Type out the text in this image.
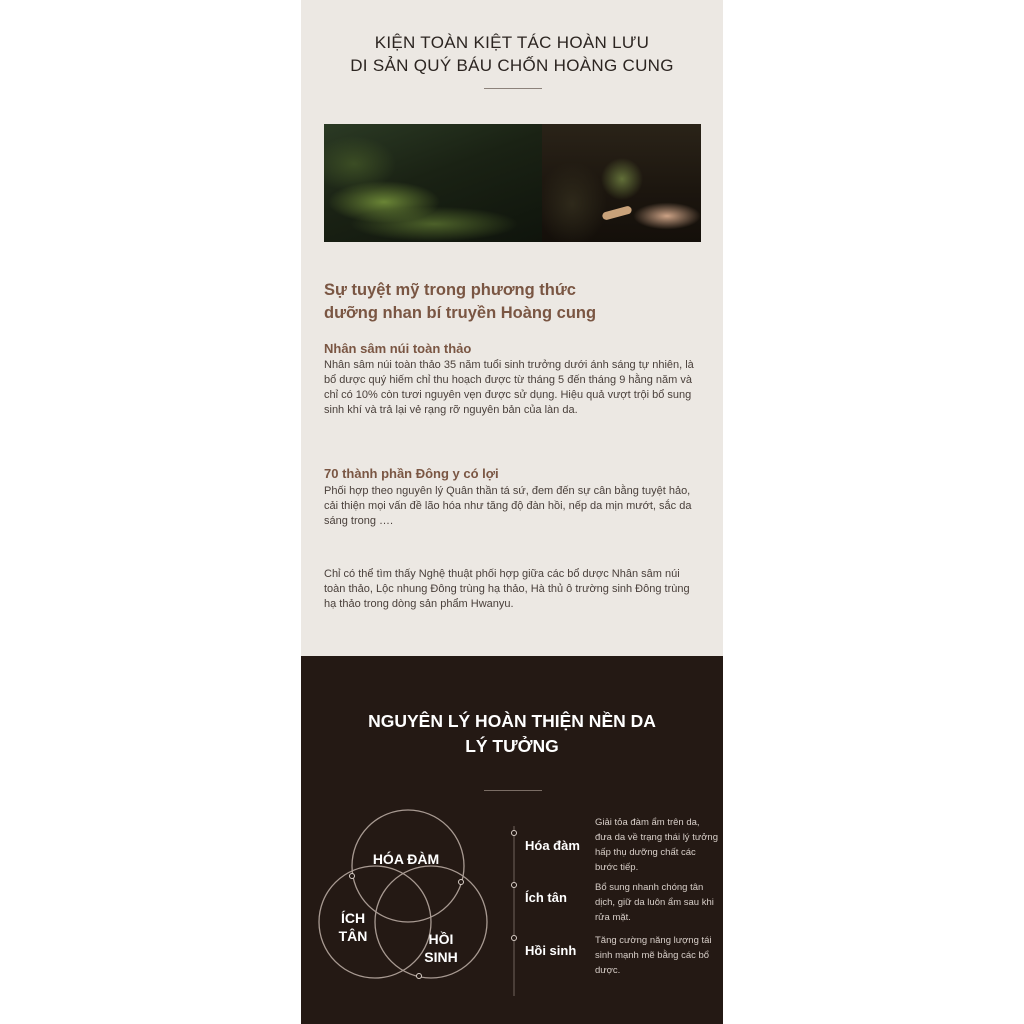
KIỆN TOÀN KIỆT TÁC HOÀN LƯU
DI SẢN QUÝ BÁU CHỐN HOÀNG CUNG
Sự tuyệt mỹ trong phương thức
dưỡng nhan bí truyền Hoàng cung
Nhân sâm núi toàn thảo

Nhân sâm núi toàn thảo 35 năm tuổi sinh trưởng dưới ánh sáng tự nhiên, là bổ dược quý hiếm chỉ thu hoạch được từ tháng 5 đến tháng 9 hằng năm và chỉ có 10% còn tươi nguyên vẹn được sử dụng. Hiệu quả vượt trội bổ sung sinh khí và trả lại vẻ rạng rỡ nguyên bản của làn da.

70 thành phần Đông y có lợi

Phối hợp theo nguyên lý Quân thần tá sứ, đem đến sự cân bằng tuyệt hảo, cải thiện mọi vấn đề lão hóa như tăng độ đàn hồi, nếp da mịn mướt, sắc da sáng trong ….

Chỉ có thể tìm thấy Nghệ thuật phối hợp giữa các bổ dược Nhân sâm núi toàn thảo, Lộc nhung Đông trùng hạ thảo, Hà thủ ô trường sinh Đông trùng hạ thảo trong dòng sản phẩm Hwanyu.

NGUYÊN LÝ HOÀN THIỆN NỀN DA
LÝ TƯỞNG

HÓA ĐÀM

ÍCH
TÂN	HỒI
SINH

Hóa đàm

Giải tỏa đàm ẩm trên da, đưa da về trạng thái lý tưởng hấp thụ dưỡng chất các bước tiếp.

Ích tân

Bổ sung nhanh chóng tân dịch, giữ da luôn ẩm sau khi rửa mặt.

Hồi sinh

Tăng cường năng lượng tái sinh mạnh mẽ bằng các bổ dược.
